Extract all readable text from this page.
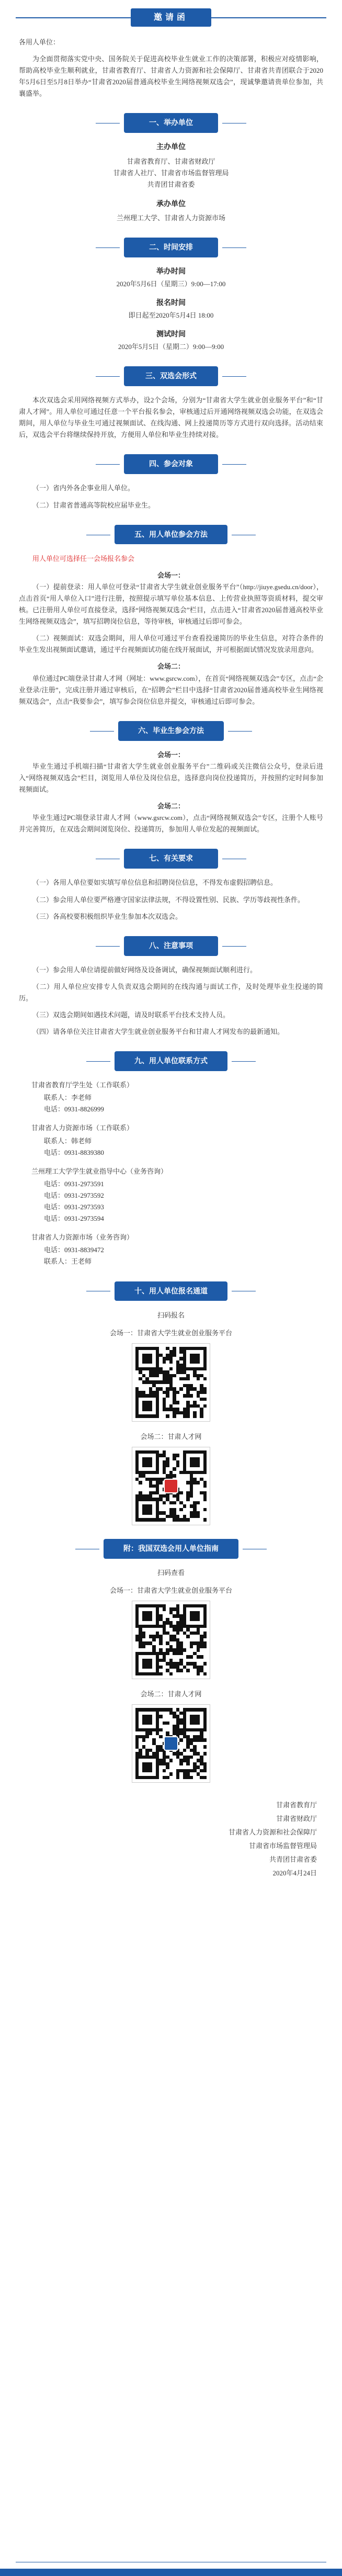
邀请函
各用人单位：
为全面贯彻落实党中央、国务院关于促进高校毕业生就业工作的决策部署，积极应对疫情影响，帮助高校毕业生顺利就业，甘肃省教育厅、甘肃省人力资源和社会保障厅、甘肃省共青团联合于2020年5月6日至5月8日举办“甘肃省2020届普通高校毕业生网络视频双选会”，现诚挚邀请贵单位参加，共襄盛举。
一、举办单位
主办单位
甘肃省教育厅、甘肃省财政厅
甘肃省人社厅、甘肃省市场监督管理局
共青团甘肃省委
承办单位
兰州理工大学、甘肃省人力资源市场
二、时间安排
举办时间
2020年5月6日（星期三）9:00—17:00
报名时间
即日起至2020年5月4日 18:00
测试时间
2020年5月5日（星期二）9:00—9:00
三、双选会形式
本次双选会采用网络视频方式举办，设2个会场，分别为“甘肃省大学生就业创业服务平台”和“甘肃人才网”。用人单位可通过任意一个平台报名参会，审核通过后开通网络视频双选会功能，在双选会期间，用人单位与毕业生可通过视频面试、在线沟通、网上投递简历等方式进行双向选择。活动结束后，双选会平台将继续保持开放，方便用人单位和毕业生持续对接。
四、参会对象
（一）省内外各企事业用人单位。
（二）甘肃省普通高等院校应届毕业生。
五、用人单位参会方法
用人单位可选择任一会场报名参会
会场一：
（一）提前登录：用人单位可登录“甘肃省大学生就业创业服务平台”（http://jiuye.gsedu.cn/door），点击首页“用人单位入口”进行注册，按照提示填写单位基本信息、上传营业执照等资质材料，提交审核。已注册用人单位可直接登录，选择“网络视频双选会”栏目，点击进入“甘肃省2020届普通高校毕业生网络视频双选会”，填写招聘岗位信息，等待审核，审核通过后即可参会。
（二）视频面试：双选会期间，用人单位可通过平台查看投递简历的毕业生信息，对符合条件的毕业生发出视频面试邀请，通过平台视频面试功能在线开展面试，并可根据面试情况发放录用意向。
会场二：
单位通过PC端登录甘肃人才网（网址：www.gsrcw.com），在首页“网络视频双选会”专区，点击“企业登录/注册”，完成注册并通过审核后，在“招聘会”栏目中选择“甘肃省2020届普通高校毕业生网络视频双选会”，点击“我要参会”，填写参会岗位信息并提交，审核通过后即可参会。
六、毕业生参会方法
会场一：
毕业生通过手机端扫描“甘肃省大学生就业创业服务平台”二维码或关注微信公众号，登录后进入“网络视频双选会”栏目，浏览用人单位及岗位信息，选择意向岗位投递简历，并按照约定时间参加视频面试。
会场二：
毕业生通过PC端登录甘肃人才网（www.gsrcw.com），点击“网络视频双选会”专区，注册个人账号并完善简历，在双选会期间浏览岗位、投递简历，参加用人单位发起的视频面试。
七、有关要求
（一）各用人单位要如实填写单位信息和招聘岗位信息，不得发布虚假招聘信息。
（二）参会用人单位要严格遵守国家法律法规，不得设置性别、民族、学历等歧视性条件。
（三）各高校要积极组织毕业生参加本次双选会。
八、注意事项
（一）参会用人单位请提前做好网络及设备调试，确保视频面试顺利进行。
（二）用人单位应安排专人负责双选会期间的在线沟通与面试工作，及时处理毕业生投递的简历。
（三）双选会期间如遇技术问题，请及时联系平台技术支持人员。
（四）请各单位关注甘肃省大学生就业创业服务平台和甘肃人才网发布的最新通知。
九、用人单位联系方式
甘肃省教育厅学生处（工作联系）
联系人：李老师
电话：0931-8826999
甘肃省人力资源市场（工作联系）
联系人：韩老师
电话：0931-8839380
兰州理工大学学生就业指导中心（业务咨询）
电话：0931-2973591
电话：0931-2973592
电话：0931-2973593
电话：0931-2973594
甘肃省人力资源市场（业务咨询）
电话：0931-8839472
联系人：王老师
十、用人单位报名通道
扫码报名
会场一：甘肃省大学生就业创业服务平台
会场二：甘肃人才网
附：我国双选会用人单位指南
扫码查看
会场一：甘肃省大学生就业创业服务平台
会场二：甘肃人才网
甘肃省教育厅
甘肃省财政厅
甘肃省人力资源和社会保障厅
甘肃省市场监督管理局
共青团甘肃省委
2020年4月24日
